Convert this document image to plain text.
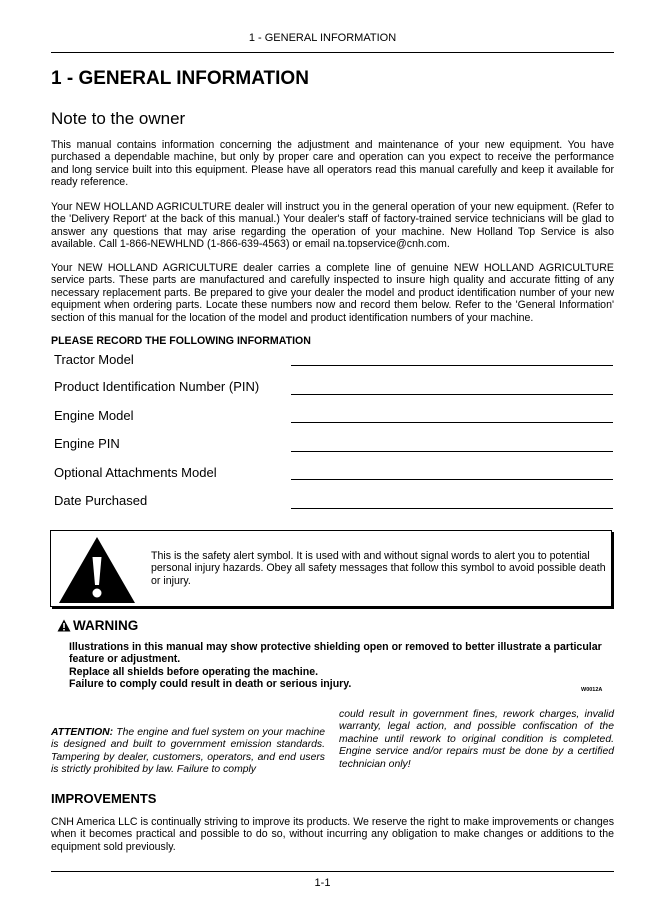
1 - GENERAL INFORMATION
1 - GENERAL INFORMATION
Note to the owner

This manual contains information concerning the adjustment and maintenance of your new equipment. You have purchased a dependable machine, but only by proper care and operation can you expect to receive the performance and long service built into this equipment. Please have all operators read this manual carefully and keep it available for ready reference.

Your NEW HOLLAND AGRICULTURE dealer will instruct you in the general operation of your new equipment. (Refer to the 'Delivery Report' at the back of this manual.) Your dealer's staff of factory-trained service technicians will be glad to answer any questions that may arise regarding the operation of your machine. New Holland Top Service is also available. Call 1-866-NEWHLND (1-866-639-4563) or email na.topservice@cnh.com.

Your NEW HOLLAND AGRICULTURE dealer carries a complete line of genuine NEW HOLLAND AGRICULTURE service parts. These parts are manufactured and carefully inspected to insure high quality and accurate fitting of any necessary replacement parts. Be prepared to give your dealer the model and product identification number of your new equipment when ordering parts. Locate these numbers now and record them below. Refer to the 'General Information' section of this manual for the location of the model and product identification numbers of your machine.

PLEASE RECORD THE FOLLOWING INFORMATION
Tractor Model
Product Identification Number (PIN)
Engine Model
Engine PIN
Optional Attachments Model
Date Purchased

This is the safety alert symbol. It is used with and without signal words to alert you to potential personal injury hazards. Obey all safety messages that follow this symbol to avoid possible death or injury.

WARNING

Illustrations in this manual may show protective shielding open or removed to better illustrate a particular feature or adjustment.

Replace all shields before operating the machine.

Failure to comply could result in death or serious injury.	W0012A

ATTENTION: The engine and fuel system on your machine is designed and built to government emission standards. Tampering by dealer, customers, operators, and end users is strictly prohibited by law. Failure to comply

could result in government fines, rework charges, invalid warranty, legal action, and possible confiscation of the machine until rework to original condition is completed. Engine service and/or repairs must be done by a certified technician only!

IMPROVEMENTS

CNH America LLC is continually striving to improve its products. We reserve the right to make improvements or changes when it becomes practical and possible to do so, without incurring any obligation to make changes or additions to the equipment sold previously.

1-1
